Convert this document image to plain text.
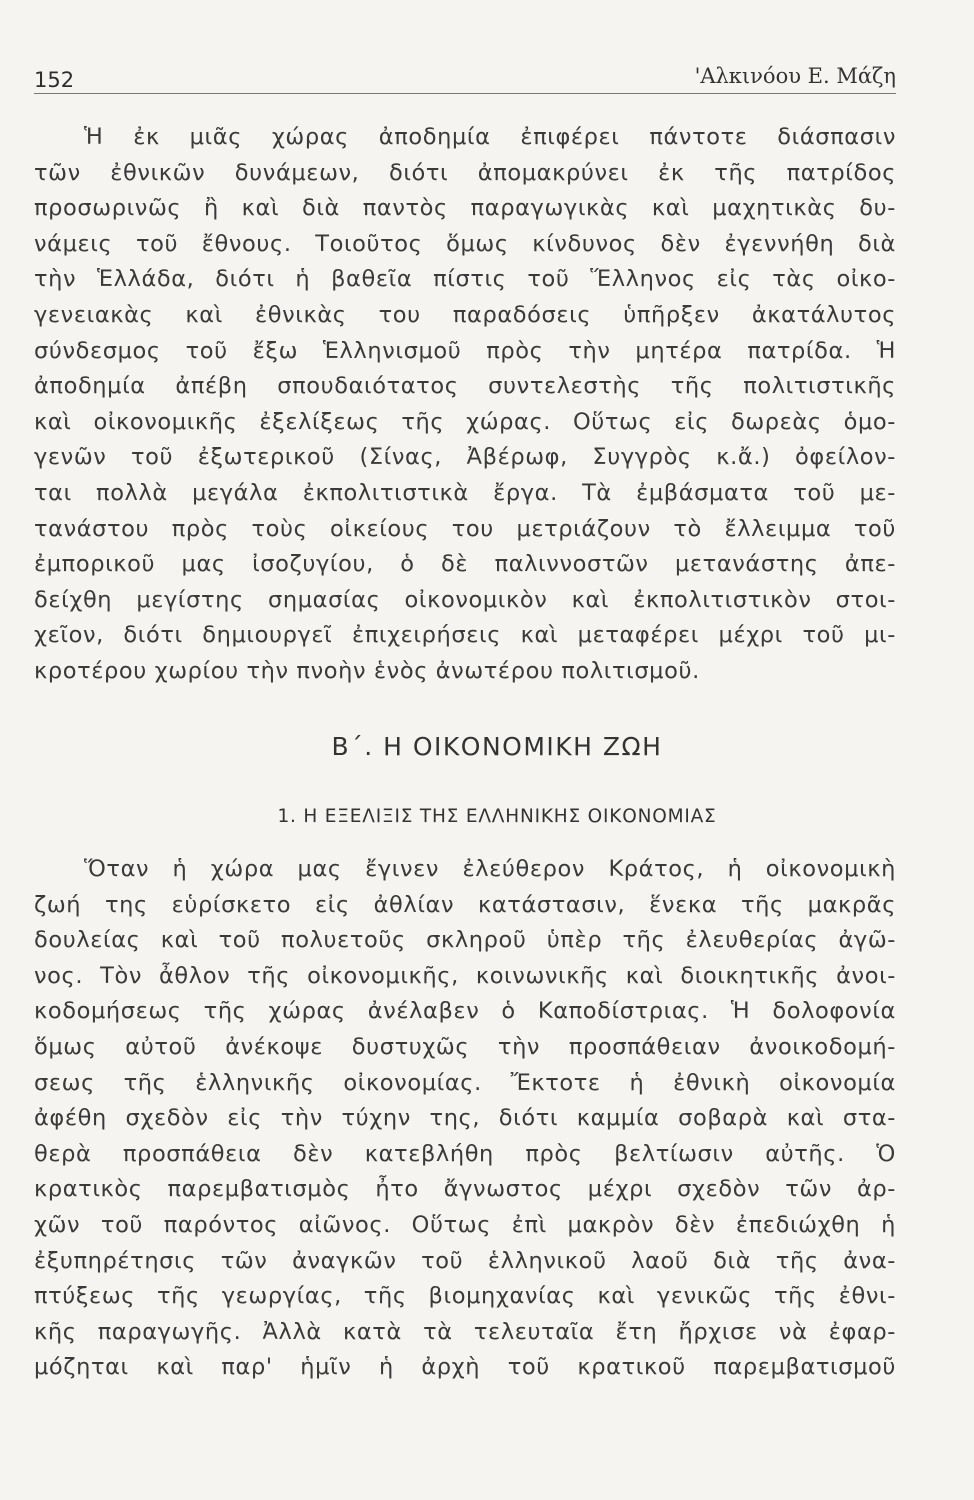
152	'Αλκινόου Ε. Μάζη
Ἡ ἐκ μιᾶς χώρας ἀποδημία ἐπιφέρει πάντοτε διάσπασιν
τῶν ἐθνικῶν δυνάμεων, διότι ἀπομακρύνει ἐκ τῆς πατρίδος
προσωρινῶς ἢ καὶ διὰ παντὸς παραγωγικὰς καὶ μαχητικὰς δυ-
νάμεις τοῦ ἔθνους. Τοιοῦτος ὅμως κίνδυνος δὲν ἐγεννήθη διὰ
τὴν Ἑλλάδα, διότι ἡ βαθεῖα πίστις τοῦ Ἕλληνος εἰς τὰς οἰκο-
γενειακὰς καὶ ἐθνικὰς του παραδόσεις ὑπῆρξεν ἀκατάλυτος
σύνδεσμος τοῦ ἔξω Ἑλληνισμοῦ πρὸς τὴν μητέρα πατρίδα. Ἡ
ἀποδημία ἀπέβη σπουδαιότατος συντελεστὴς τῆς πολιτιστικῆς
καὶ οἰκονομικῆς ἐξελίξεως τῆς χώρας. Οὕτως εἰς δωρεὰς ὁμο-
γενῶν τοῦ ἐξωτερικοῦ (Σίνας, Ἀβέρωφ, Συγγρὸς κ.ἄ.) ὀφείλον-
ται πολλὰ μεγάλα ἐκπολιτιστικὰ ἔργα. Τὰ ἐμβάσματα τοῦ με-
τανάστου πρὸς τοὺς οἰκείους του μετριάζουν τὸ ἔλλειμμα τοῦ
ἐμπορικοῦ μας ἰσοζυγίου, ὁ δὲ παλιννοστῶν μετανάστης ἀπε-
δείχθη μεγίστης σημασίας οἰκονομικὸν καὶ ἐκπολιτιστικὸν στοι-
χεῖον, διότι δημιουργεῖ ἐπιχειρήσεις καὶ μεταφέρει μέχρι τοῦ μι-
κροτέρου χωρίου τὴν πνοὴν ἑνὸς ἀνωτέρου πολιτισμοῦ.
Β΄. Η ΟΙΚΟΝΟΜΙΚΗ ΖΩΗ
1. Η ΕΞΕΛΙΞΙΣ ΤΗΣ ΕΛΛΗΝΙΚΗΣ ΟΙΚΟΝΟΜΙΑΣ
Ὅταν ἡ χώρα μας ἔγινεν ἐλεύθερον Κράτος, ἡ οἰκονομικὴ
ζωή της εὑρίσκετο εἰς ἀθλίαν κατάστασιν, ἕνεκα τῆς μακρᾶς
δουλείας καὶ τοῦ πολυετοῦς σκληροῦ ὑπὲρ τῆς ἐλευθερίας ἀγῶ-
νος. Τὸν ἆθλον τῆς οἰκονομικῆς, κοινωνικῆς καὶ διοικητικῆς ἀνοι-
κοδομήσεως τῆς χώρας ἀνέλαβεν ὁ Καποδίστριας. Ἡ δολοφονία
ὅμως αὐτοῦ ἀνέκοψε δυστυχῶς τὴν προσπάθειαν ἀνοικοδομή-
σεως τῆς ἑλληνικῆς οἰκονομίας. Ἔκτοτε ἡ ἐθνικὴ οἰκονομία
ἀφέθη σχεδὸν εἰς τὴν τύχην της, διότι καμμία σοβαρὰ καὶ στα-
θερὰ προσπάθεια δὲν κατεβλήθη πρὸς βελτίωσιν αὐτῆς. Ὁ
κρατικὸς παρεμβατισμὸς ἦτο ἄγνωστος μέχρι σχεδὸν τῶν ἀρ-
χῶν τοῦ παρόντος αἰῶνος. Οὕτως ἐπὶ μακρὸν δὲν ἐπεδιώχθη ἡ
ἐξυπηρέτησις τῶν ἀναγκῶν τοῦ ἑλληνικοῦ λαοῦ διὰ τῆς ἀνα-
πτύξεως τῆς γεωργίας, τῆς βιομηχανίας καὶ γενικῶς τῆς ἐθνι-
κῆς παραγωγῆς. Ἀλλὰ κατὰ τὰ τελευταῖα ἔτη ἤρχισε νὰ ἐφαρ-
μόζηται καὶ παρ' ἡμῖν ἡ ἀρχὴ τοῦ κρατικοῦ παρεμβατισμοῦ
